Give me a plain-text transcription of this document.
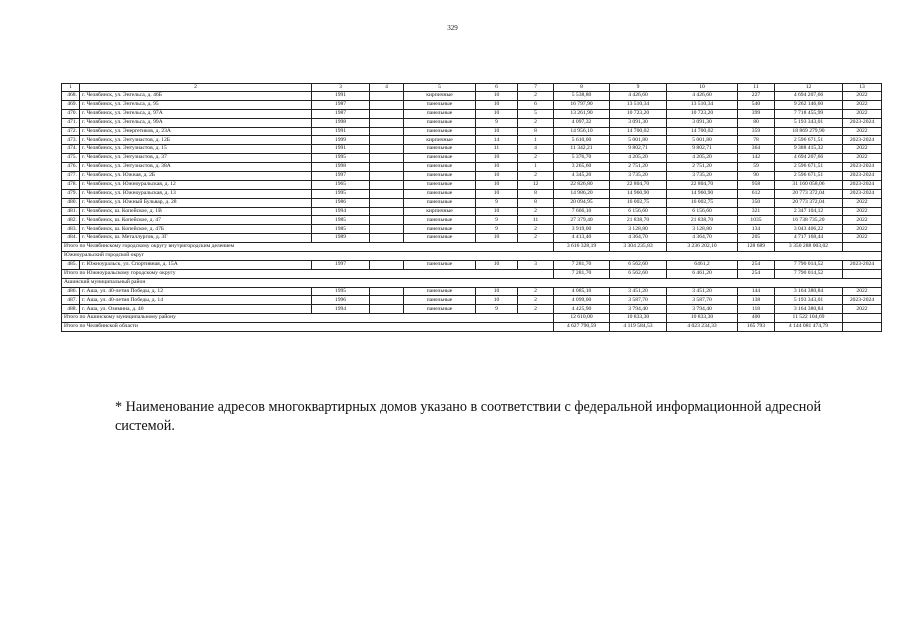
329
1	2	3	4	5	6	7	8	9	10	11	12	13
468.	г. Челябинск, ул. Энгельса, д. 46Б	1991		кирпичные	10	2	5 538,80	4 426,60	4 426,60	227	4 694 207,66	2022
469.	г. Челябинск, ул. Энгельса, д. 95	1987		панельные	10	6	16 797,90	13 510,34	13 510,34	540	9 262 146,60	2022
470.	г. Челябинск, ул. Энгельса, д. 97А	1987		панельные	10	5	13 261,90	10 723,20	10 723,20	399	7 718 455,99	2022
471.	г. Челябинск, ул. Энгельса, д. 99А	1998		панельные	9	2	4 097,32	3 091,30	3 091,30	80	5 193 343,01	2023-2024
472.	г. Челябинск, ул. Энергетиков, д. 23А	1991		панельные	10	8	14 956,10	14 700,02	14 700,02	359	18 869 279,90	2022
473.	г. Челябинск, ул. Энтузиастов, д. 12Б	1999		кирпичные	14	1	5 610,00	5 001,80	5 001,80	78	2 596 671,51	2023-2024
474.	г. Челябинск, ул. Энтузиастов, д. 15	1991		панельные	11	4	11 342,21	9 802,71	9 802,71	364	9 388 415,32	2022
475.	г. Челябинск, ул. Энтузиастов, д. 37	1995		панельные	10	2	5 376,70	4 205,20	4 205,20	142	4 694 207,66	2022
476.	г. Челябинск, ул. Энтузиастов, д. 38А	1998		панельные	10	1	3 265,60	2 751,20	2 751,20	59	2 596 671,51	2023-2024
477.	г. Челябинск, ул. Южная, д. 2Б	1997		панельные	10	2	4 345,20	3 735,20	3 735,20	90	2 596 671,51	2023-2024
478.	г. Челябинск, ул. Южноуральская, д. 12	1965		панельные	10	12	22 826,80	22 804,70	22 804,70	958	31 160 058,06	2023-2024
479.	г. Челябинск, ул. Южноуральская, д. 13	1995		панельные	10	8	14 986,20	14 960,90	14 960,90	612	20 773 372,04	2023-2024
480.	г. Челябинск, ул. Южный Бульвар, д. 28	1986		панельные	9	8	20 094,95	16 002,75	16 002,75	350	20 773 372,04	2022
481.	г. Челябинск, ш. Копейское, д. 1В	1994		кирпичные	10	2	7 666,10	6 156,60	6 156,60	321	2 347 104,12	2022
482.	г. Челябинск, ш. Копейское, д. 47	1985		панельные	9	11	27 379,40	21 838,70	21 838,70	1035	16 738 735,20	2022
483.	г. Челябинск, ш. Копейское, д. 47Б	1985		панельные	9	2	3 919,00	3 128,80	3 128,80	134	3 043 406,22	2022
484.	г. Челябинск, ш. Металлургов, д. 3Г	1989		панельные	10	2	4 413,40	4 364,70	4 364,70	205	4 717 168,44	2022
Итого по Челябинскому городскому округу внутригородским делением							3 616 328,19	3 304 235,83	3 236 202,10	128 689	3 350 288 003,02	
Южноуральский городской округ												
485.	г. Южноуральск, ул. Спортивная, д. 15А	1997		панельные	10	3	7 281,70	6 562,60	6461,2	254	7 790 014,52	2023-2024
Итого по Южноуральскому городскому округу							7 281,70	6 562,60	6 461,20	254	7 790 014,52	
Ашинский муниципальный район												
486.	г. Аша, ул. 40-летия Победы, д. 12	1995		панельные	10	2	4 085,10	3 451,20	3 451,20	144	3 164 380,84	2022
487.	г. Аша, ул. 40-летия Победы, д. 14	1996		панельные	10	2	4 099,00	3 587,70	3 587,70	138	5 193 343,01	2023-2024
488.	г. Аша, ул. Озимина, д. 40	1994		панельные	9	2	4 425,90	3 794,40	3 794,40	118	3 164 380,84	2022
Итого по Ашинскому муниципальному району							12 610,00	10 833,30	10 833,30	400	11 522 104,69	
Итого по Челябинской области							4 627 790,59	4 119 584,53	4 023 234,33	165 793	4 144 081 474,79	
* Наименование адресов многоквартирных домов указано в соответствии с федеральной информационной адресной системой.
